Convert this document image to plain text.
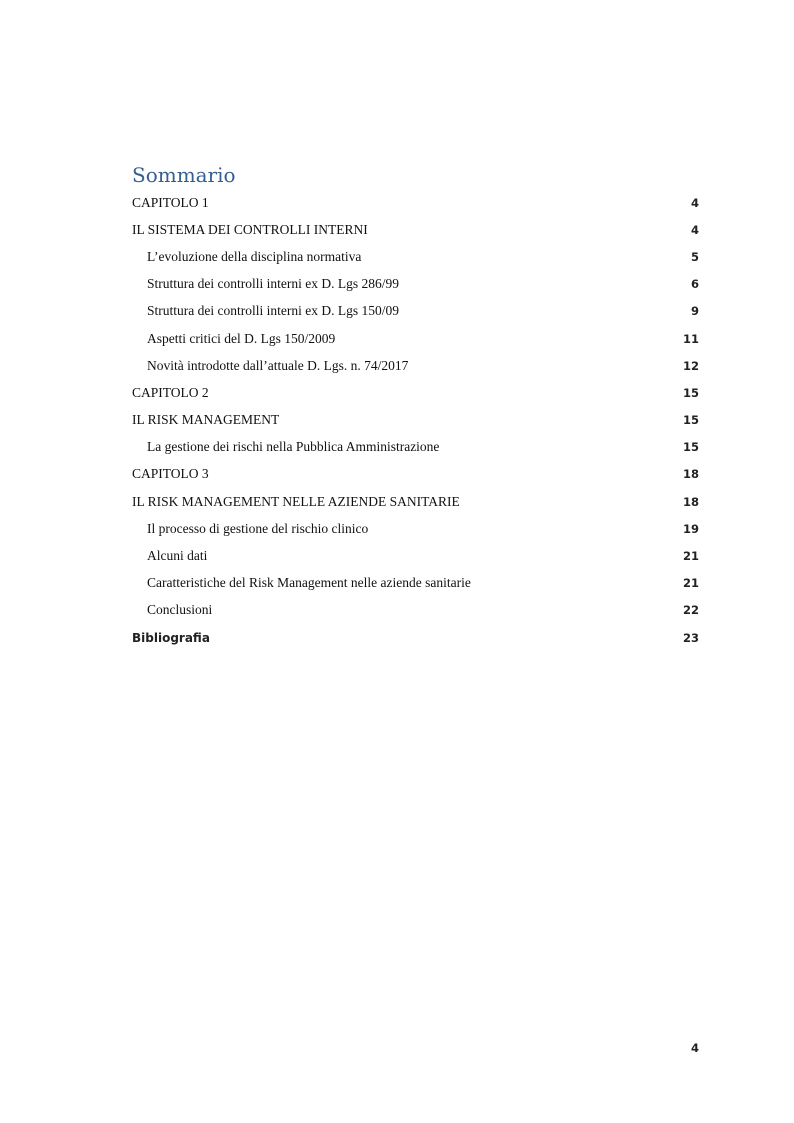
Sommario
CAPITOLO 1	4
IL SISTEMA DEI CONTROLLI INTERNI	4
L’evoluzione della disciplina normativa	5
Struttura dei controlli interni ex D. Lgs 286/99	6
Struttura dei controlli interni ex D. Lgs 150/09	9
Aspetti critici del D. Lgs 150/2009	11
Novità introdotte dall’attuale D. Lgs. n. 74/2017	12
CAPITOLO 2	15
IL RISK MANAGEMENT	15
La gestione dei rischi nella Pubblica Amministrazione	15
CAPITOLO 3	18
IL RISK MANAGEMENT NELLE AZIENDE SANITARIE	18
Il processo di gestione del rischio clinico	19
Alcuni dati	21
Caratteristiche del Risk Management nelle aziende sanitarie	21
Conclusioni	22
Bibliografia	23
4
